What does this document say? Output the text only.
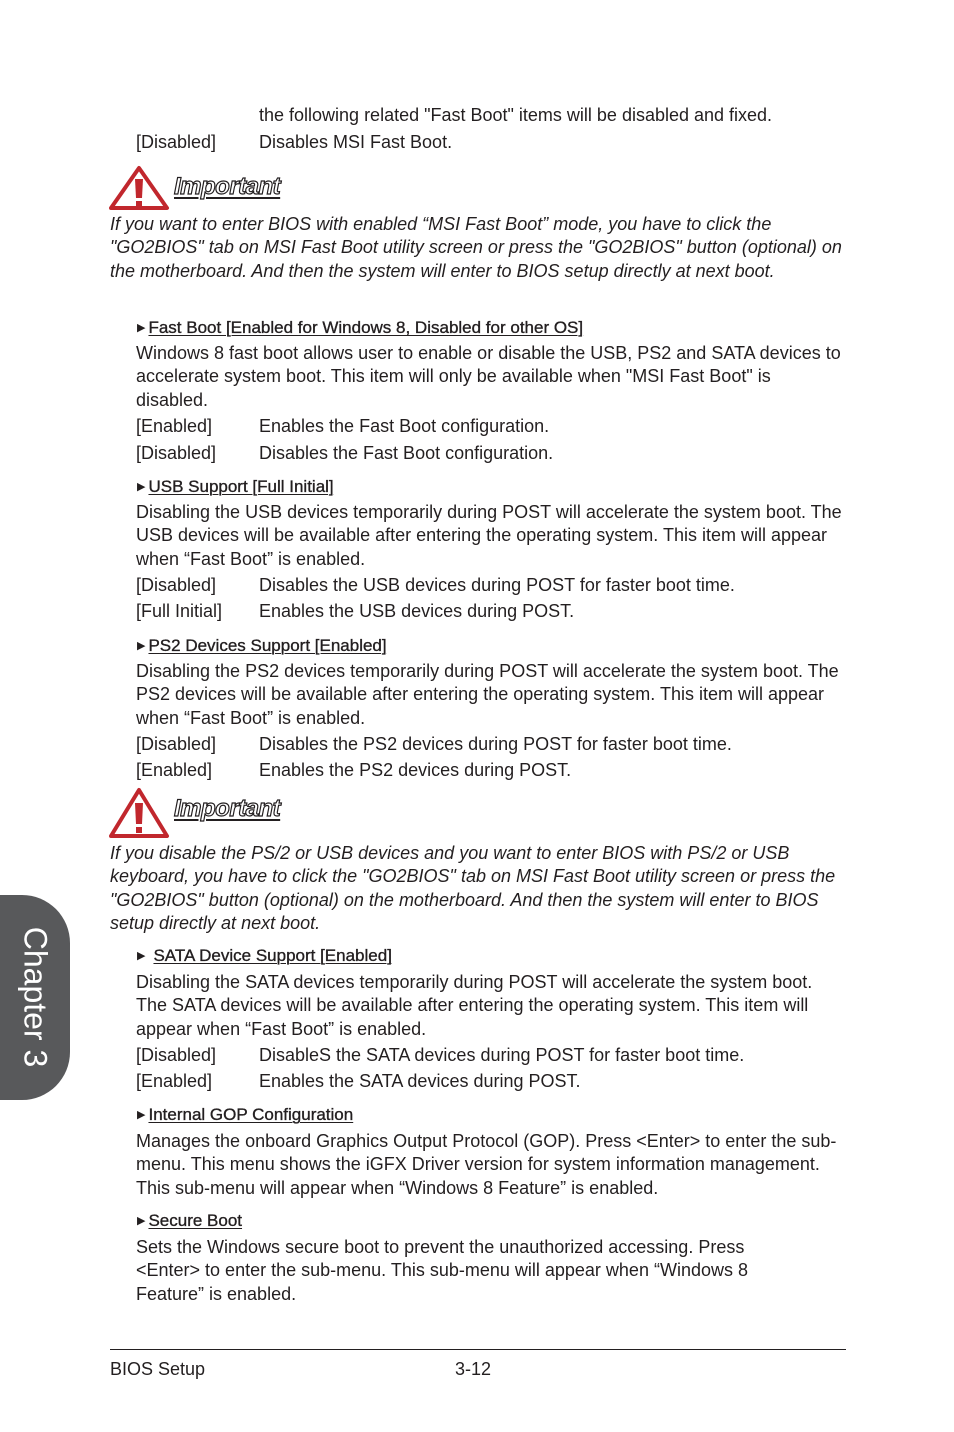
the following related "Fast Boot" items will be disabled and fixed.
[Disabled] Disables MSI Fast Boot.
Important
If you want to enter BIOS with enabled “MSI Fast Boot” mode, you have to click the "GO2BIOS" tab on MSI Fast Boot utility screen or press the "GO2BIOS" button (optional) on the motherboard. And then the system will enter to BIOS setup directly at next boot.
▶ Fast Boot [Enabled for Windows 8, Disabled for other OS]
Windows 8 fast boot allows user to enable or disable the USB, PS2 and SATA devices to accelerate system boot. This item will only be available when "MSI Fast Boot" is disabled.
[Enabled]	Enables the Fast Boot configuration.
[Disabled] Disables the Fast Boot configuration.
▶ USB Support [Full Initial]
Disabling the USB devices temporarily during POST will accelerate the system boot. The USB devices will be available after entering the operating system. This item will appear when “Fast Boot” is enabled.
[Disabled] Disables the USB devices during POST for faster boot time.
[Full Initial] Enables the USB devices during POST.
▶ PS2 Devices Support [Enabled]
Disabling the PS2 devices temporarily during POST will accelerate the system boot. The PS2 devices will be available after entering the operating system. This item will appear when “Fast Boot” is enabled.
[Disabled] Disables the PS2 devices during POST for faster boot time.
[Enabled]	Enables the PS2 devices during POST.
Important
If you disable the PS/2 or USB devices and you want to enter BIOS with PS/2 or USB keyboard, you have to click the "GO2BIOS" tab on MSI Fast Boot utility screen or press the "GO2BIOS" button (optional) on the motherboard. And then the system will enter to BIOS setup directly at next boot.
▶ SATA Device Support [Enabled]
Disabling the SATA devices temporarily during POST will accelerate the system boot. The SATA devices will be available after entering the operating system. This item will appear when “Fast Boot” is enabled.
[Disabled] DisableS the SATA devices during POST for faster boot time.
[Enabled]	Enables the SATA devices during POST.
▶ Internal GOP Configuration
Manages the onboard Graphics Output Protocol (GOP). Press <Enter> to enter the sub-menu. This menu shows the iGFX Driver version for system information management. This sub-menu will appear when “Windows 8 Feature” is enabled.
▶ Secure Boot
Sets the Windows secure boot to prevent the unauthorized accessing. Press <Enter> to enter the sub-menu. This sub-menu will appear when “Windows 8 Feature” is enabled.
Chapter 3
BIOS Setup	3-12
